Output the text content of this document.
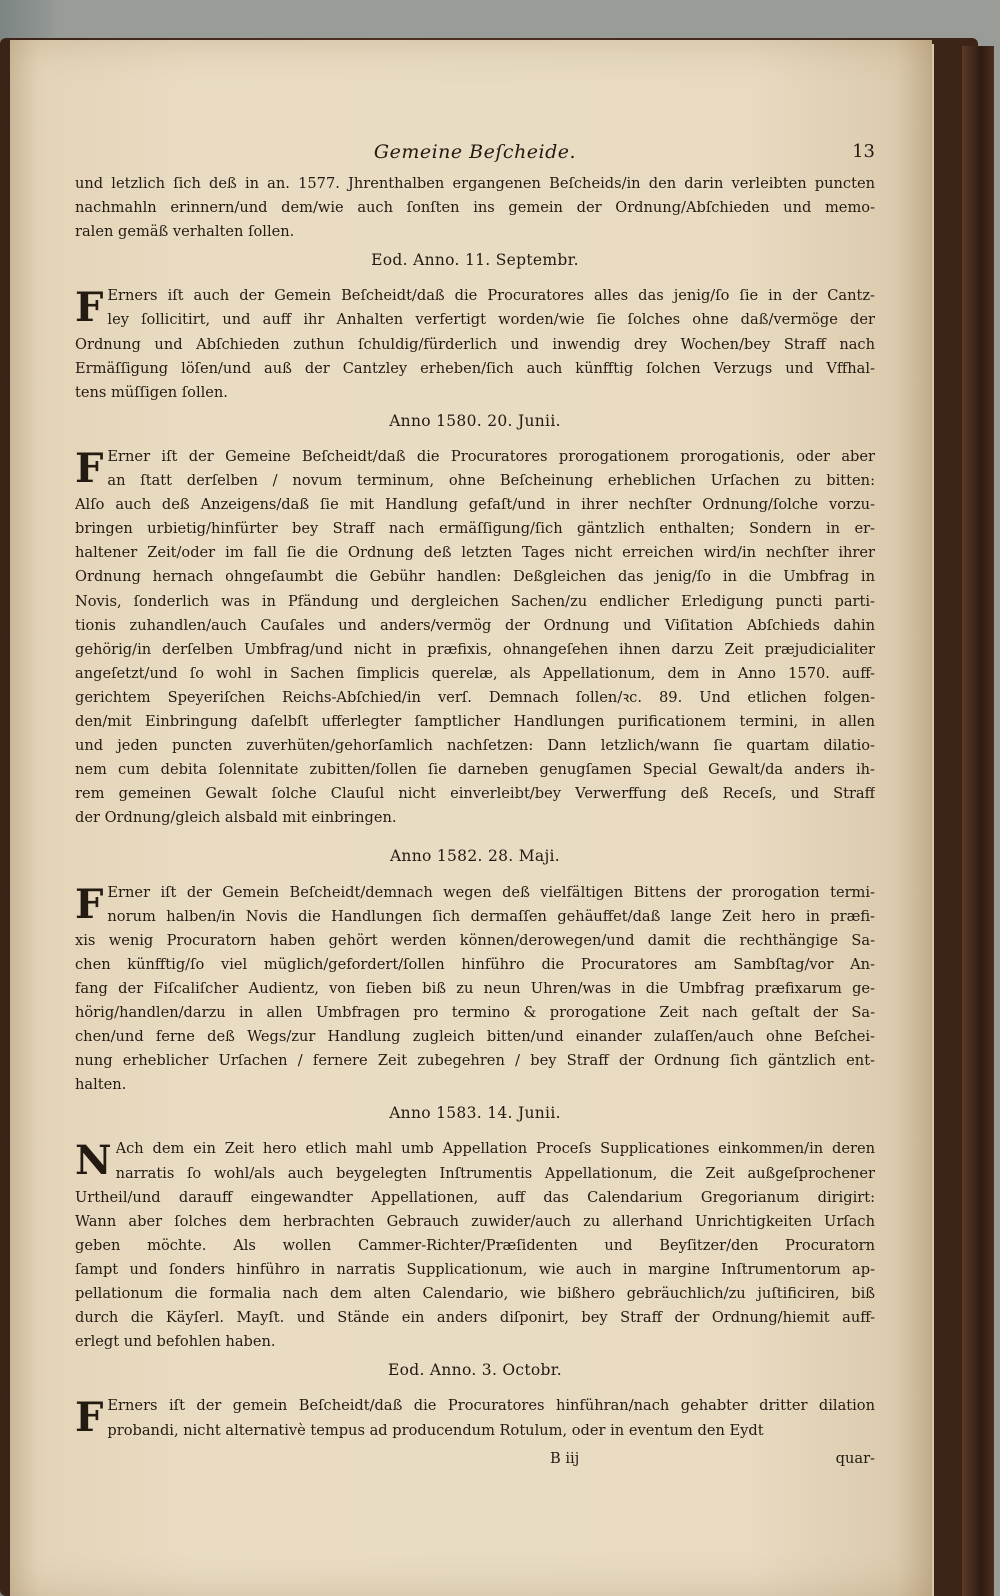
Gemeine Beſcheide.	13

und letzlich ſich deß in an. 1577. Jhrenthalben ergangenen Beſcheids/in den darin verleibten puncten
nachmahln erinnern/und dem/wie auch ſonſten ins gemein der Ordnung/Abſchieden und memo-
ralen gemäß verhalten ſollen.

Eod. Anno. 11. Septembr.

F Erners iſt auch der Gemein Beſcheidt/daß die Procuratores alles das jenig/ſo ſie in der Cantz-
ley ſollicitirt, und auff ihr Anhalten verfertigt worden/wie ſie ſolches ohne daß/vermöge der
Ordnung und Abſchieden zuthun ſchuldig/fürderlich und inwendig drey Wochen/bey Straff nach
Ermäſſigung löſen/und auß der Cantzley erheben/ſich auch künfftig ſolchen Verzugs und Vffhal-
tens müſſigen ſollen.

Anno 1580. 20. Junii.

F Erner iſt der Gemeine Beſcheidt/daß die Procuratores prorogationem prorogationis, oder aber
an ſtatt derſelben / novum terminum, ohne Beſcheinung erheblichen Urſachen zu bitten:
Alſo auch deß Anzeigens/daß ſie mit Handlung gefaſt/und in ihrer nechſter Ordnung/ſolche vorzu-
bringen urbietig/hinfürter bey Straff nach ermäſſigung/ſich gäntzlich enthalten; Sondern in er-
haltener Zeit/oder im fall ſie die Ordnung deß letzten Tages nicht erreichen wird/in nechſter ihrer
Ordnung hernach ohngeſaumbt die Gebühr handlen: Deßgleichen das jenig/ſo in die Umbfrag in
Novis, ſonderlich was in Pfändung und dergleichen Sachen/zu endlicher Erledigung puncti parti-
tionis zuhandlen/auch Cauſales und anders/vermög der Ordnung und Viſitation Abſchieds dahin
gehörig/in derſelben Umbfrag/und nicht in præfixis, ohnangeſehen ihnen darzu Zeit præjudicialiter
angeſetzt/und ſo wohl in Sachen ſimplicis querelæ, als Appellationum, dem in Anno 1570. auff-
gerichtem Speyeriſchen Reichs-Abſchied/in verſ. Demnach ſollen/ꝛc. 89. Und etlichen folgen-
den/mit Einbringung daſelbſt ufferlegter ſamptlicher Handlungen purificationem termini, in allen
und jeden puncten zuverhüten/gehorſamlich nachſetzen: Dann letzlich/wann ſie quartam dilatio-
nem cum debita ſolennitate zubitten/ſollen ſie darneben genugſamen Special Gewalt/da anders ih-
rem gemeinen Gewalt ſolche Clauſul nicht einverleibt/bey Verwerffung deß Receſs, und Straff
der Ordnung/gleich alsbald mit einbringen.

Anno 1582. 28. Maji.

F Erner iſt der Gemein Beſcheidt/demnach wegen deß vielfältigen Bittens der prorogation termi-
norum halben/in Novis die Handlungen ſich dermaſſen gehäuffet/daß lange Zeit hero in præfi-
xis wenig Procuratorn haben gehört werden können/derowegen/und damit die rechthängige Sa-
chen künfftig/ſo viel müglich/gefordert/ſollen hinführo die Procuratores am Sambſtag/vor An-
fang der Fiſcaliſcher Audientz, von ſieben biß zu neun Uhren/was in die Umbfrag præfixarum ge-
hörig/handlen/darzu in allen Umbfragen pro termino & prorogatione Zeit nach geſtalt der Sa-
chen/und ferne deß Wegs/zur Handlung zugleich bitten/und einander zulaſſen/auch ohne Beſchei-
nung erheblicher Urſachen / fernere Zeit zubegehren / bey Straff der Ordnung ſich gäntzlich ent-
halten.

Anno 1583. 14. Junii.

N Ach dem ein Zeit hero etlich mahl umb Appellation Proceſs Supplicationes einkommen/in deren
narratis ſo wohl/als auch beygelegten Inſtrumentis Appellationum, die Zeit außgeſprochener
Urtheil/und darauff eingewandter Appellationen, auff das Calendarium Gregorianum dirigirt:
Wann aber ſolches dem herbrachten Gebrauch zuwider/auch zu allerhand Unrichtigkeiten Urſach
geben möchte. Als wollen Cammer-Richter/Præſidenten und Beyſitzer/den Procuratorn
ſampt und ſonders hinführo in narratis Supplicationum, wie auch in margine Inſtrumentorum ap-
pellationum die formalia nach dem alten Calendario, wie bißhero gebräuchlich/zu juſtificiren, biß
durch die Käyſerl. Mayſt. und Stände ein anders diſponirt, bey Straff der Ordnung/hiemit auff-
erlegt und befohlen haben.

Eod. Anno. 3. Octobr.

F Erners iſt der gemein Beſcheidt/daß die Procuratores hinführan/nach gehabter dritter dilation
probandi, nicht alternativè tempus ad producendum Rotulum, oder in eventum den Eydt

B iij	quar-
